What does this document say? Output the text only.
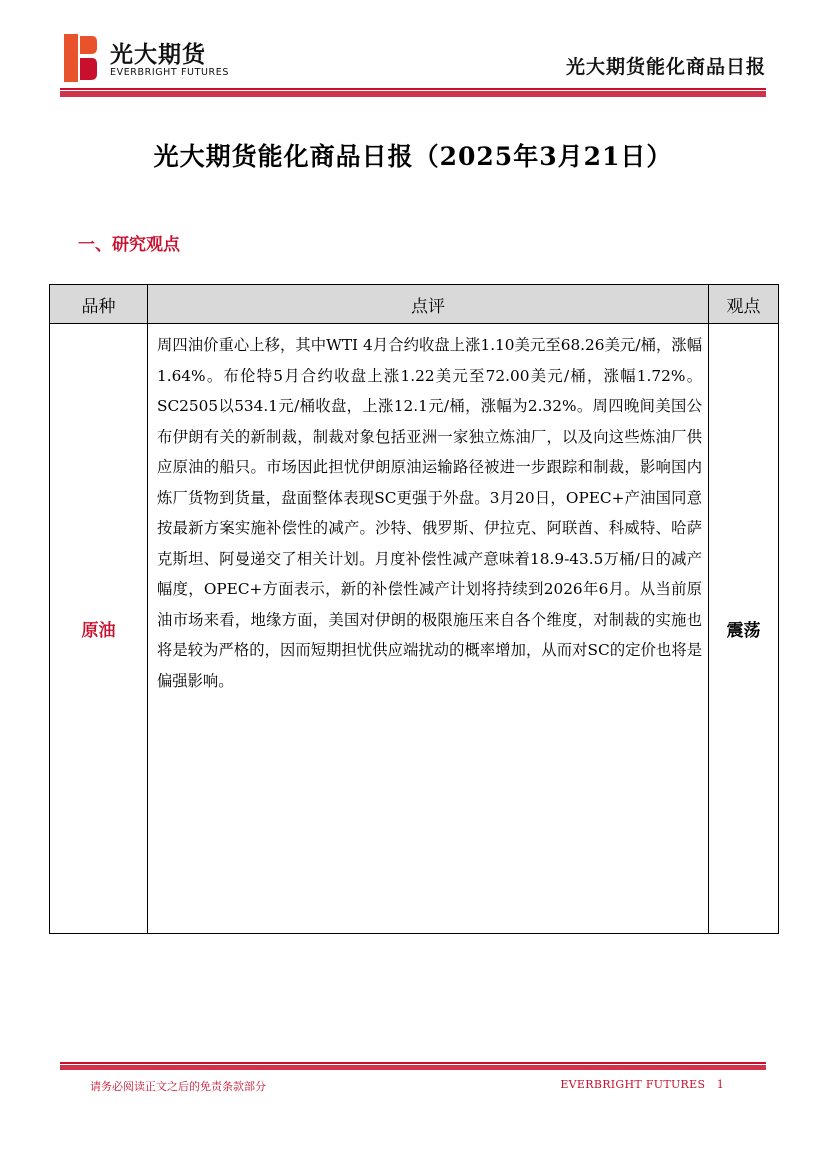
光大期货
EVERBRIGHT FUTURES	光大期货能化商品日报
光大期货能化商品日报（2025年3月21日）
一、研究观点
品种	点评	观点
原油	周四油价重心上移，其中WTI 4月合约收盘上涨1.10美元至68.26美元/桶，涨幅1.64%。布伦特5月合约收盘上涨1.22美元至72.00美元/桶，涨幅1.72%。SC2505以534.1元/桶收盘，上涨12.1元/桶，涨幅为2.32%。周四晚间美国公布伊朗有关的新制裁，制裁对象包括亚洲一家独立炼油厂，以及向这些炼油厂供应原油的船只。市场因此担忧伊朗原油运输路径被进一步跟踪和制裁，影响国内炼厂货物到货量，盘面整体表现SC更强于外盘。3月20日，OPEC+产油国同意按最新方案实施补偿性的减产。沙特、俄罗斯、伊拉克、阿联酋、科威特、哈萨克斯坦、阿曼递交了相关计划。月度补偿性减产意味着18.9-43.5万桶/日的减产幅度，OPEC+方面表示，新的补偿性减产计划将持续到2026年6月。从当前原油市场来看，地缘方面，美国对伊朗的极限施压来自各个维度，对制裁的实施也将是较为严格的，因而短期担忧供应端扰动的概率增加，从而对SC的定价也将是偏强影响。	震荡
请务必阅读正文之后的免责条款部分	EVERBRIGHT FUTURES 1
